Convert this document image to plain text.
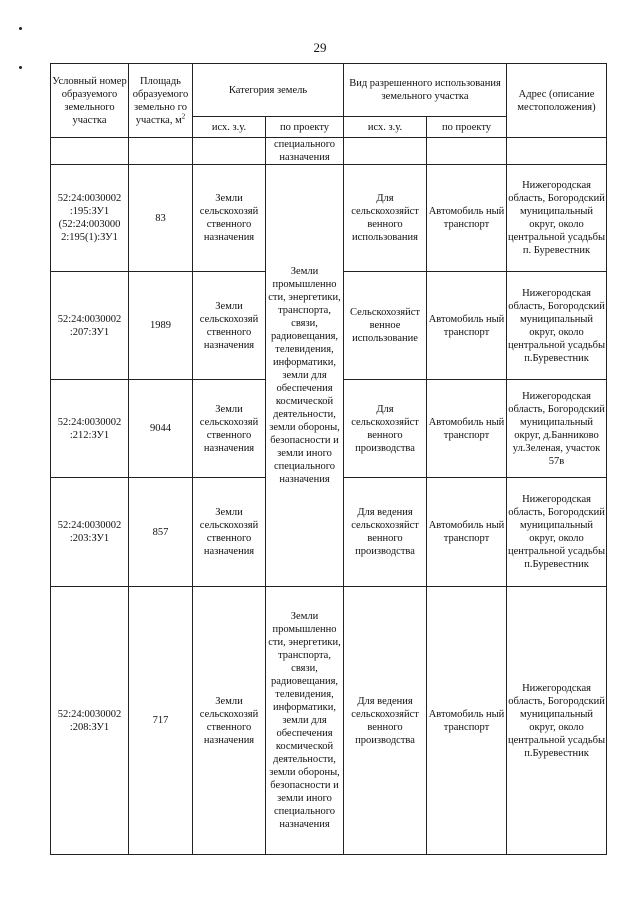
29
Условный номер образуемого земельного участка	Площадь образуемого земельно го участка, $м^2$	Категория земель		Вид разрешенного использования земельного участка		Адрес (описание местоположения)
		исх. з.у.	по проекту	исх. з.у.	по проекту	
			специального назначения			
52:24:0030002 :195:ЗУ1 (52:24:003000 2:195(1):ЗУ1	83	Земли сельскохозяй ственного назначения	Земли промышленно сти, энергетики, транспорта, связи, радиовещания, телевидения, информатики, земли для обеспечения космической деятельности, земли обороны, безопасности и земли иного специального назначения	Для сельскохозяйст венного использования	Автомобиль ный транспорт	Нижегородская область, Богородский муниципальный округ, около центральной усадьбы п. Буревестник
52:24:0030002 :207:ЗУ1	1989	Земли сельскохозяй ственного назначения		Сельскохозяйст венное использование	Автомобиль ный транспорт	Нижегородская область, Богородский муниципальный округ, около центральной усадьбы п.Буревестник
52:24:0030002 :212:ЗУ1	9044	Земли сельскохозяй ственного назначения		Для сельскохозяйст венного производства	Автомобиль ный транспорт	Нижегородская область, Богородский муниципальный округ, д.Банниково ул.Зеленая, участок 57в
52:24:0030002 :203:ЗУ1	857	Земли сельскохозяй ственного назначения		Для ведения сельскохозяйст венного производства	Автомобиль ный транспорт	Нижегородская область, Богородский муниципальный округ, около центральной усадьбы п.Буревестник
52:24:0030002 :208:ЗУ1	717	Земли сельскохозяй ственного назначения	Земли промышленно сти, энергетики, транспорта, связи, радиовещания, телевидения, информатики, земли для обеспечения космической деятельности, земли обороны, безопасности и земли иного специального назначения	Для ведения сельскохозяйст венного производства	Автомобиль ный транспорт	Нижегородская область, Богородский муниципальный округ, около центральной усадьбы п.Буревестник
